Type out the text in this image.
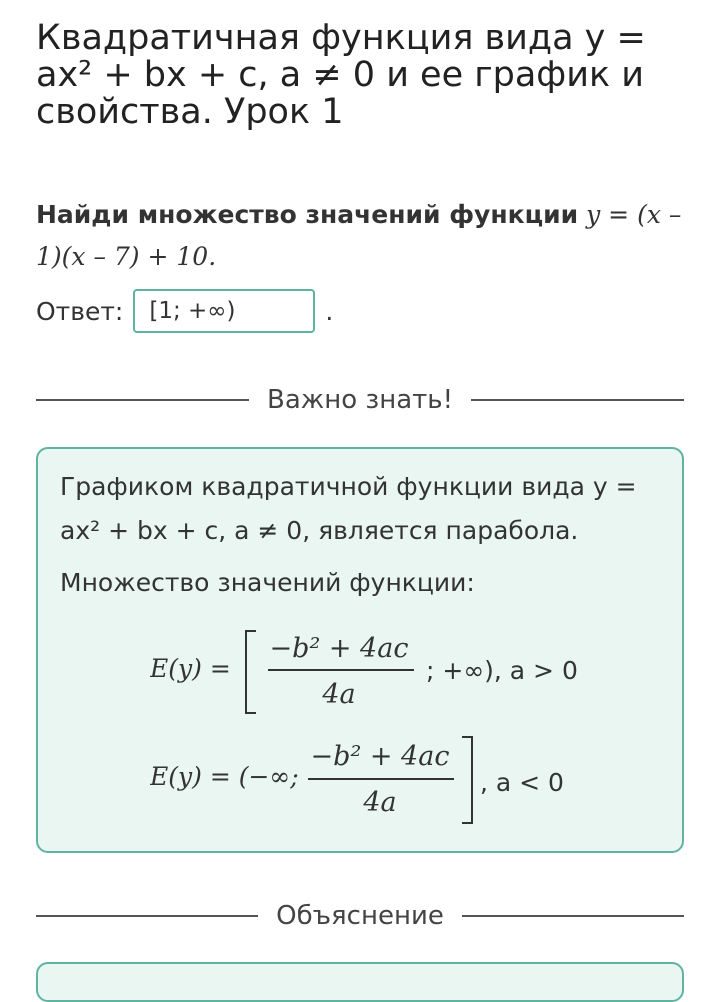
Квадратичная функция вида y = ax² + bx + c, a ≠ 0 и ее график и свойства. Урок 1
Найди множество значений функции y = (x – 1)(x – 7) + 10.
Ответ: [1; +∞)	.
Важно знать!
Графиком квадратичной функции вида y = ax² + bx + c, a ≠ 0, является парабола.
Множество значений функции:
E(y) =
−b² + 4ac
4a
; +∞), a > 0
E(y) = (−∞;
−b² + 4ac
4a
, a < 0
Объяснение
